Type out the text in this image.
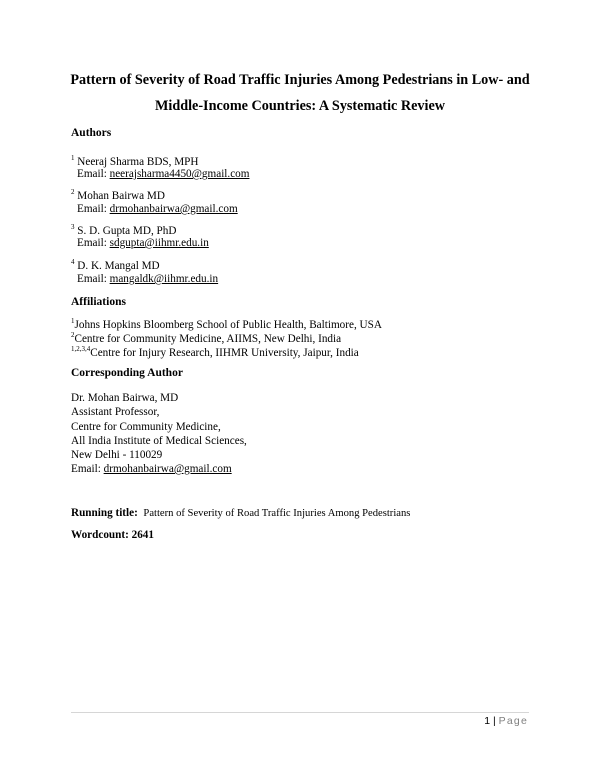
Pattern of Severity of Road Traffic Injuries Among Pedestrians in Low- and
Middle-Income Countries: A Systematic Review
Authors
$^1$ Neeraj Sharma BDS, MPH
Email: neerajsharma4450@gmail.com
$^2$ Mohan Bairwa MD
Email: drmohanbairwa@gmail.com
$^3$ S. D. Gupta MD, PhD
Email: sdgupta@iihmr.edu.in
$^4$ D. K. Mangal MD
Email: mangaldk@iihmr.edu.in
Affiliations
$^1$Johns Hopkins Bloomberg School of Public Health, Baltimore, USA
$^2$Centre for Community Medicine, AIIMS, New Delhi, India
$^{1,2,3,4}$Centre for Injury Research, IIHMR University, Jaipur, India
Corresponding Author
Dr. Mohan Bairwa, MD
Assistant Professor,
Centre for Community Medicine,
All India Institute of Medical Sciences,
New Delhi - 110029
Email: drmohanbairwa@gmail.com
Running title: Pattern of Severity of Road Traffic Injuries Among Pedestrians
Wordcount: 2641
1 | Page
